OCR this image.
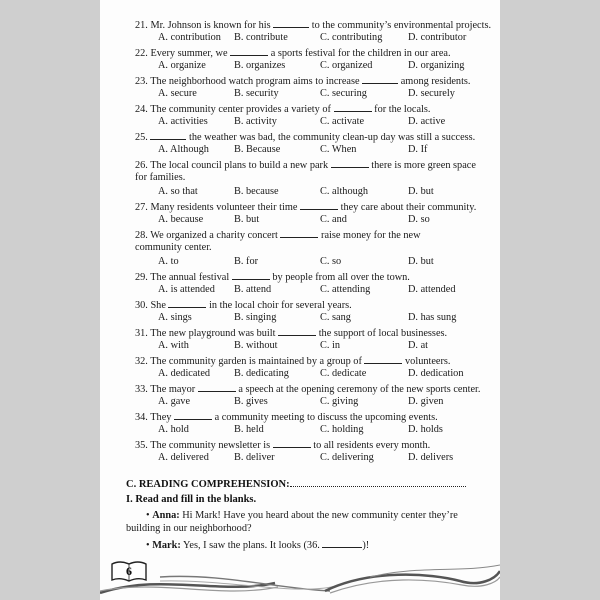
21. Mr. Johnson is known for his	to the community’s environmental projects.
A. contribution B. contribute	C. contributing D. contributor
22. Every summer, we	a sports festival for the children in our area.
A. organize	B. organizes	C. organized	D. organizing
23. The neighborhood watch program aims to increase	among residents.
A. secure	B. security	C. securing	D. securely
24. The community center provides a variety of	for the locals.
A. activities	B. activity	C. activate	D. active
25.	the weather was bad, the community clean-up day was still a success.
A. Although B. Because	C. When	D. If
26. The local council plans to build a new park	there is more green space for families.
A. so that	B. because	C. although	D. but
27. Many residents volunteer their time	they care about their community.
A. because	B. but	C. and	D. so
28. We organized a charity concert	raise money for the new community center.
A. to	B. for	C. so	D. but
29. The annual festival	by people from all over the town.
A. is attended B. attend	C. attending	D. attended
30. She	in the local choir for several years.
A. sings	B. singing	C. sang	D. has sung
31. The new playground was built	the support of local businesses.
A. with	B. without	C. in	D. at
32. The community garden is maintained by a group of	volunteers.
A. dedicated B. dedicating	C. dedicate	D. dedication
33. The mayor	a speech at the opening ceremony of the new sports center.
A. gave	B. gives	C. giving	D. given
34. They	a community meeting to discuss the upcoming events.
A. hold	B. held	C. holding	D. holds
35. The community newsletter is	to all residents every month.
A. delivered B. deliver	C. delivering	D. delivers
C. READING COMPREHENSION:
I. Read and fill in the blanks.
• Anna: Hi Mark! Have you heard about the new community center they’re building in our neighborhood?
• Mark: Yes, I saw the plans. It looks (36.	)!
6
